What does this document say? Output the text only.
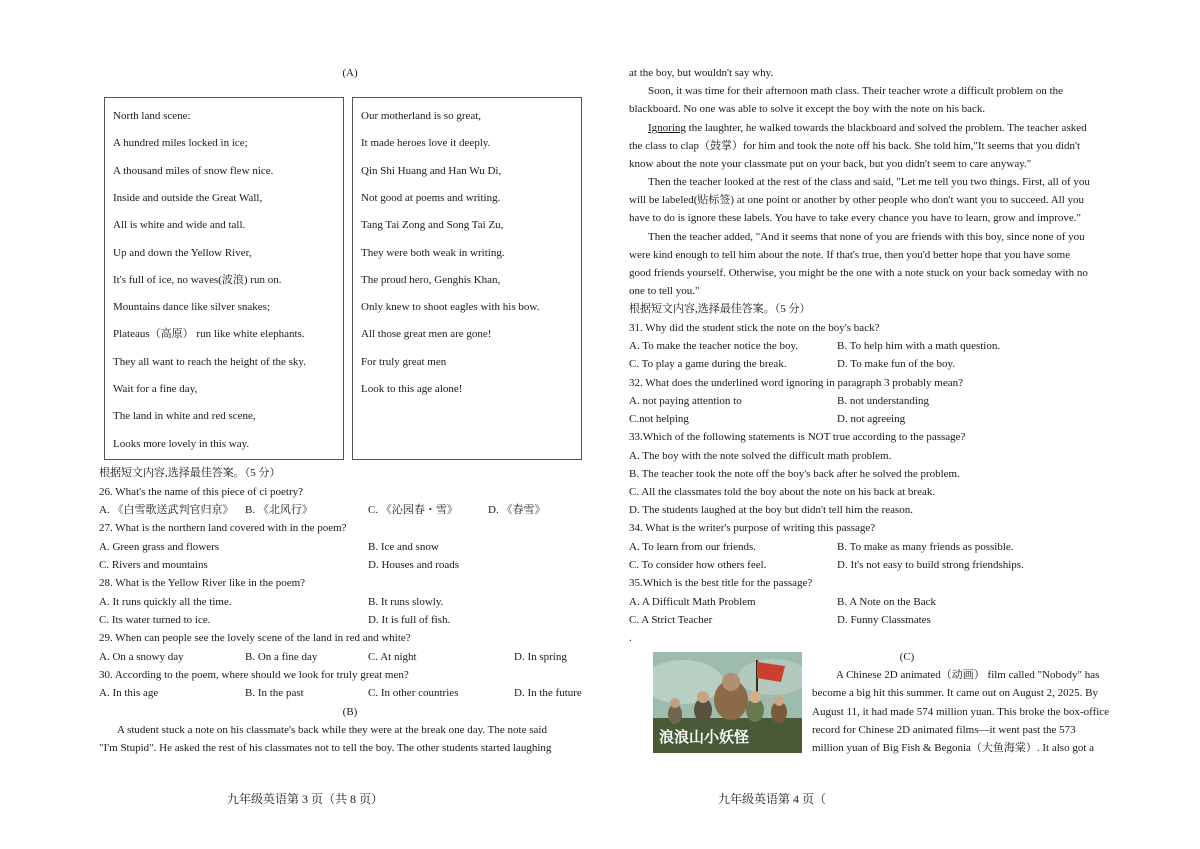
(A)
North land scene:
A hundred miles locked in ice;
A thousand miles of snow flew nice.
Inside and outside the Great Wall,
All is white and wide and tall.
Up and down the Yellow River,
It's full of ice, no waves(波浪) run on.
Mountains dance like silver snakes;
Plateaus（高原） run like white elephants.
They all want to reach the height of the sky.
Wait for a fine day,
The land in white and red scene,
Looks more lovely in this way.
Our motherland is so great,
It made heroes love it deeply.
Qin Shi Huang and Han Wu Di,
Not good at poems and writing.
Tang Tai Zong and Song Tai Zu,
They were both weak in writing.
The proud hero, Genghis Khan,
Only knew to shoot eagles with his bow.
All those great men are gone!
For truly great men
Look to this age alone!
根据短文内容,选择最佳答案。（5 分）
26. What's the name of this piece of ci poetry?
A. 《白雪歌送武判官归京》 B. 《北风行》	C. 《沁园春・雪》	D. 《春雪》
27. What is the northern land covered with in the poem?
A. Green grass and flowers	B. Ice and snow
C. Rivers and mountains	D. Houses and roads
28. What is the Yellow River like in the poem?
A. It runs quickly all the time.	B. It runs slowly.
C. Its water turned to ice.	D. It is full of fish.
29. When can people see the lovely scene of the land in red and white?
A. On a snowy day	B. On a fine day	C. At night	D. In spring
30. According to the poem, where should we look for truly great men?
A. In this age	B. In the past	C. In other countries	D. In the future
(B)
A student stuck a note on his classmate's back while they were at the break one day. The note said
"I'm Stupid". He asked the rest of his classmates not to tell the boy. The other students started laughing
九年级英语第 3 页（共 8 页）
at the boy, but wouldn't say why.
Soon, it was time for their afternoon math class. Their teacher wrote a difficult problem on the
blackboard. No one was able to solve it except the boy with the note on his back.
Ignoring the laughter, he walked towards the blackboard and solved the problem. The teacher asked
the class to clap（鼓掌）for him and took the note off his back. She told him,"It seems that you didn't
know about the note your classmate put on your back, but you didn't seem to care anyway."
Then the teacher looked at the rest of the class and said, "Let me tell you two things. First, all of you
will be labeled(贴标签) at one point or another by other people who don't want you to succeed. All you
have to do is ignore these labels. You have to take every chance you have to learn, grow and improve."
Then the teacher added, "And it seems that none of you are friends with this boy, since none of you
were kind enough to tell him about the note. If that's true, then you'd better hope that you have some
good friends yourself. Otherwise, you might be the one with a note stuck on your back someday with no
one to tell you."
根据短文内容,选择最佳答案。（5 分）
31. Why did the student stick the note on the boy's back?
A. To make the teacher notice the boy.	B. To help him with a math question.
C. To play a game during the break.	D. To make fun of the boy.
32. What does the underlined word ignoring in paragraph 3 probably mean?
A. not paying attention to	B. not understanding
C.not helping	D. not agreeing
33.Which of the following statements is NOT true according to the passage?
A. The boy with the note solved the difficult math problem.
B. The teacher took the note off the boy's back after he solved the problem.
C. All the classmates told the boy about the note on his back at break.
D. The students laughed at the boy but didn't tell him the reason.
34. What is the writer's purpose of writing this passage?
A. To learn from our friends.	B. To make as many friends as possible.
C. To consider how others feel.	D. It's not easy to build strong friendships.
35.Which is the best title for the passage?
A. A Difficult Math Problem	B. A Note on the Back
C. A Strict Teacher	D. Funny Classmates
.
(C)
浪浪山小妖怪
A Chinese 2D animated（动画） film called "Nobody" has
become a big hit this summer. It came out on August 2, 2025. By
August 11, it had made 574 million yuan. This broke the box-office
record for Chinese 2D animated films—it went past the 573
million yuan of Big Fish & Begonia（大鱼海棠）. It also got a
九年级英语第 4 页（
